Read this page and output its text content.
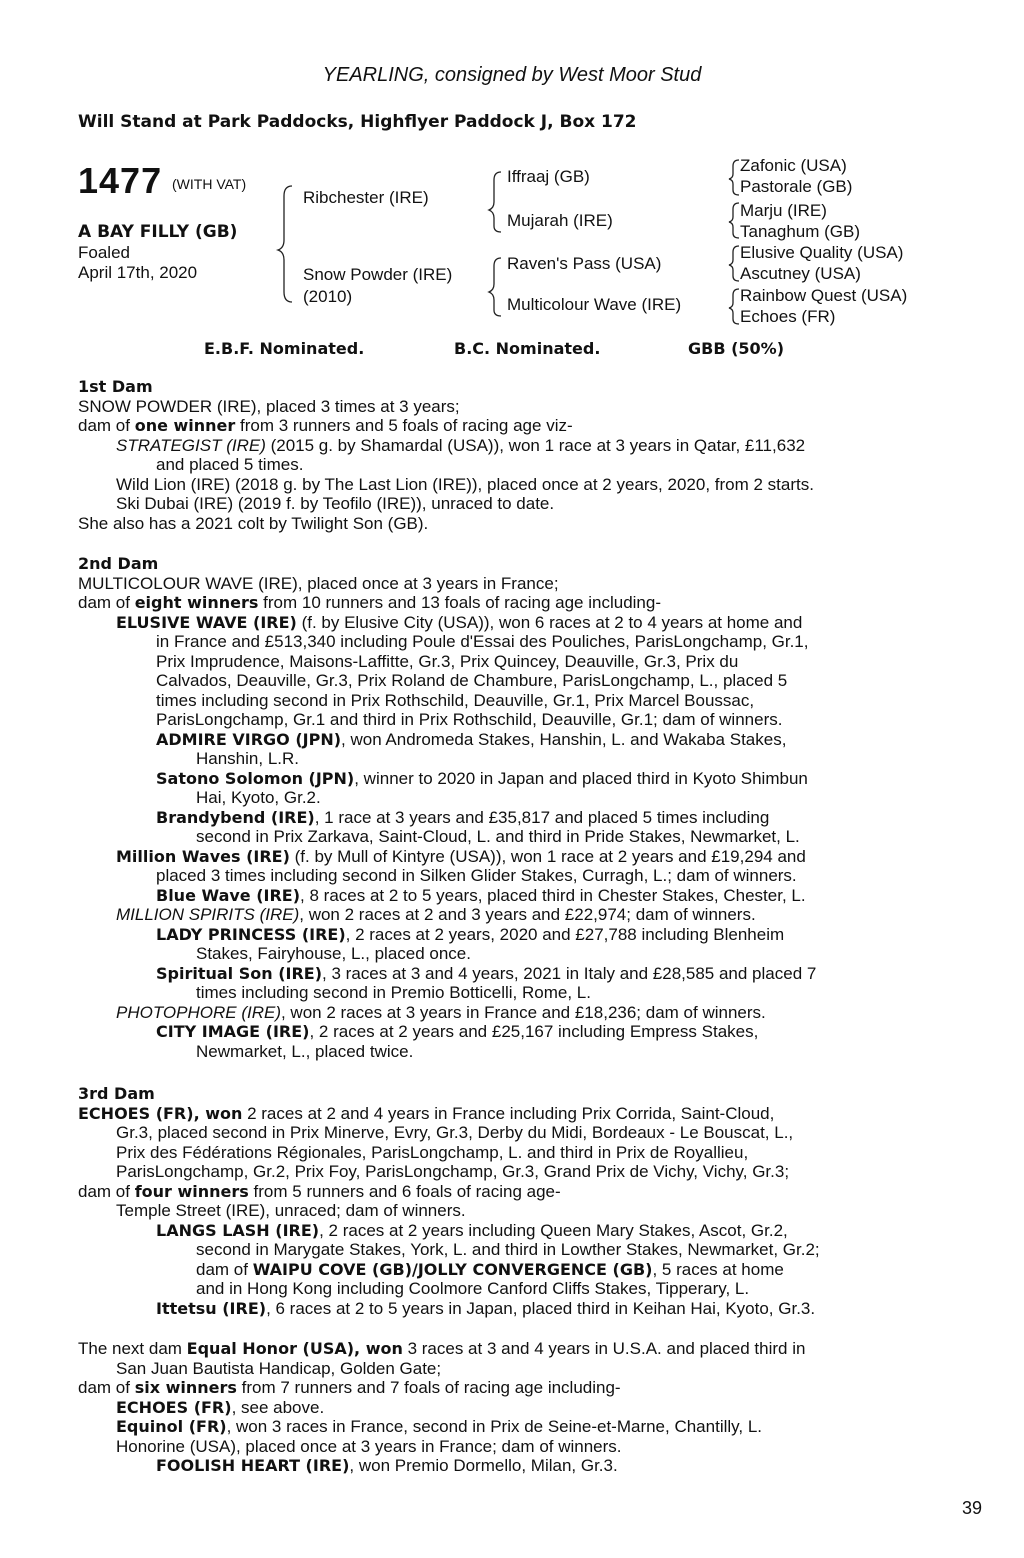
YEARLING, consigned by West Moor Stud
Will Stand at Park Paddocks, Highflyer Paddock J, Box 172
1477 (WITH VAT)
A BAY FILLY (GB)
Foaled
April 17th, 2020
Ribchester (IRE)
Snow Powder (IRE)
(2010)
Iffraaj (GB)
Mujarah (IRE)
Raven's Pass (USA)
Multicolour Wave (IRE)
Zafonic (USA)
Pastorale (GB)
Marju (IRE)
Tanaghum (GB)
Elusive Quality (USA)
Ascutney (USA)
Rainbow Quest (USA)
Echoes (FR)
E.B.F. Nominated.	B.C. Nominated.	GBB (50%)
1st Dam
SNOW POWDER (IRE), placed 3 times at 3 years;
dam of one winner from 3 runners and 5 foals of racing age viz-
STRATEGIST (IRE) (2015 g. by Shamardal (USA)), won 1 race at 3 years in Qatar, £11,632
and placed 5 times.
Wild Lion (IRE) (2018 g. by The Last Lion (IRE)), placed once at 2 years, 2020, from 2 starts.
Ski Dubai (IRE) (2019 f. by Teofilo (IRE)), unraced to date.
She also has a 2021 colt by Twilight Son (GB).
2nd Dam
MULTICOLOUR WAVE (IRE), placed once at 3 years in France;
dam of eight winners from 10 runners and 13 foals of racing age including-
ELUSIVE WAVE (IRE) (f. by Elusive City (USA)), won 6 races at 2 to 4 years at home and
in France and £513,340 including Poule d'Essai des Pouliches, ParisLongchamp, Gr.1,
Prix Imprudence, Maisons-Laffitte, Gr.3, Prix Quincey, Deauville, Gr.3, Prix du
Calvados, Deauville, Gr.3, Prix Roland de Chambure, ParisLongchamp, L., placed 5
times including second in Prix Rothschild, Deauville, Gr.1, Prix Marcel Boussac,
ParisLongchamp, Gr.1 and third in Prix Rothschild, Deauville, Gr.1; dam of winners.
ADMIRE VIRGO (JPN), won Andromeda Stakes, Hanshin, L. and Wakaba Stakes,
Hanshin, L.R.
Satono Solomon (JPN), winner to 2020 in Japan and placed third in Kyoto Shimbun
Hai, Kyoto, Gr.2.
Brandybend (IRE), 1 race at 3 years and £35,817 and placed 5 times including
second in Prix Zarkava, Saint-Cloud, L. and third in Pride Stakes, Newmarket, L.
Million Waves (IRE) (f. by Mull of Kintyre (USA)), won 1 race at 2 years and £19,294 and
placed 3 times including second in Silken Glider Stakes, Curragh, L.; dam of winners.
Blue Wave (IRE), 8 races at 2 to 5 years, placed third in Chester Stakes, Chester, L.
MILLION SPIRITS (IRE), won 2 races at 2 and 3 years and £22,974; dam of winners.
LADY PRINCESS (IRE), 2 races at 2 years, 2020 and £27,788 including Blenheim
Stakes, Fairyhouse, L., placed once.
Spiritual Son (IRE), 3 races at 3 and 4 years, 2021 in Italy and £28,585 and placed 7
times including second in Premio Botticelli, Rome, L.
PHOTOPHORE (IRE), won 2 races at 3 years in France and £18,236; dam of winners.
CITY IMAGE (IRE), 2 races at 2 years and £25,167 including Empress Stakes,
Newmarket, L., placed twice.
3rd Dam
ECHOES (FR), won 2 races at 2 and 4 years in France including Prix Corrida, Saint-Cloud,
Gr.3, placed second in Prix Minerve, Evry, Gr.3, Derby du Midi, Bordeaux - Le Bouscat, L.,
Prix des Fédérations Régionales, ParisLongchamp, L. and third in Prix de Royallieu,
ParisLongchamp, Gr.2, Prix Foy, ParisLongchamp, Gr.3, Grand Prix de Vichy, Vichy, Gr.3;
dam of four winners from 5 runners and 6 foals of racing age-
Temple Street (IRE), unraced; dam of winners.
LANGS LASH (IRE), 2 races at 2 years including Queen Mary Stakes, Ascot, Gr.2,
second in Marygate Stakes, York, L. and third in Lowther Stakes, Newmarket, Gr.2;
dam of WAIPU COVE (GB)/JOLLY CONVERGENCE (GB), 5 races at home
and in Hong Kong including Coolmore Canford Cliffs Stakes, Tipperary, L.
Ittetsu (IRE), 6 races at 2 to 5 years in Japan, placed third in Keihan Hai, Kyoto, Gr.3.
The next dam Equal Honor (USA), won 3 races at 3 and 4 years in U.S.A. and placed third in
San Juan Bautista Handicap, Golden Gate;
dam of six winners from 7 runners and 7 foals of racing age including-
ECHOES (FR), see above.
Equinol (FR), won 3 races in France, second in Prix de Seine-et-Marne, Chantilly, L.
Honorine (USA), placed once at 3 years in France; dam of winners.
FOOLISH HEART (IRE), won Premio Dormello, Milan, Gr.3.
39
